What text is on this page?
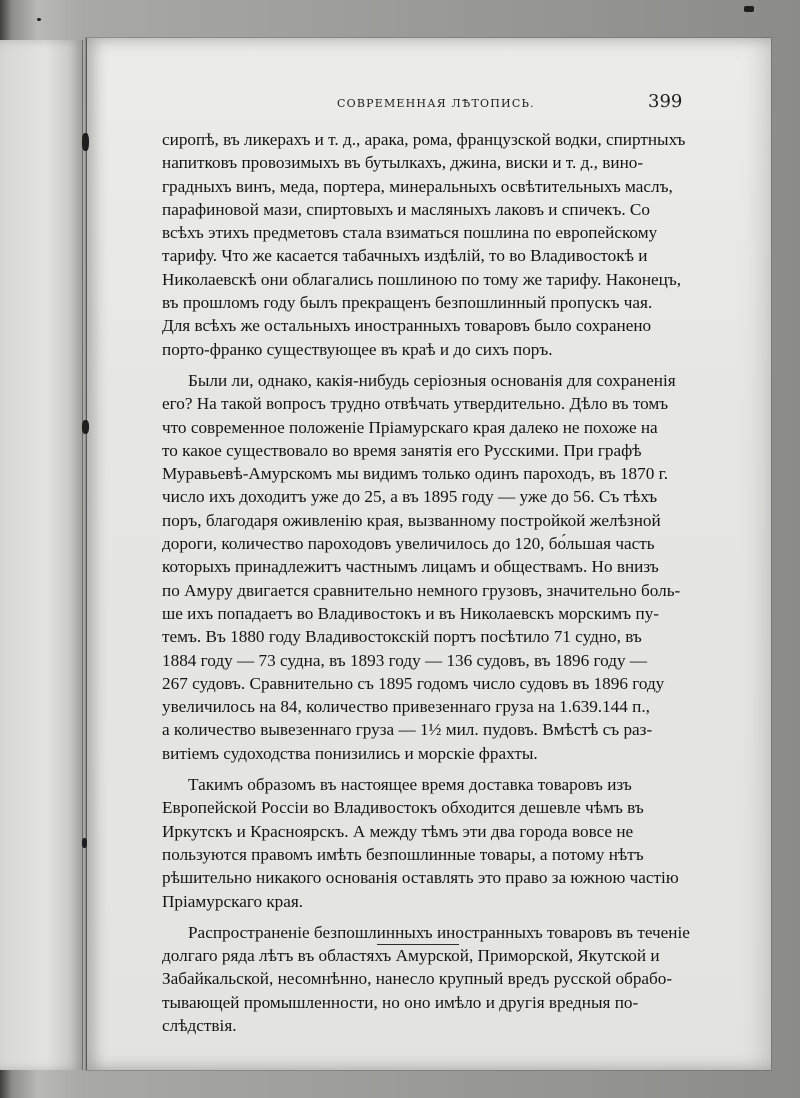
СОВРЕМЕННАЯ ЛѢТОПИСЬ.	399
сиропѣ, въ ликерахъ и т. д., арака, рома, французской водки, спиртныхъ
напитковъ провозимыхъ въ бутылкахъ, джина, виски и т. д., вино-
градныхъ винъ, меда, портера, минеральныхъ освѣтительныхъ маслъ,
парафиновой мази, спиртовыхъ и масляныхъ лаковъ и спичекъ. Со
всѣхъ этихъ предметовъ стала взиматься пошлина по европейскому
тарифу. Что же касается табачныхъ издѣлій, то во Владивостокѣ и
Николаевскѣ они облагались пошлиною по тому же тарифу. Наконецъ,
въ прошломъ году былъ прекращенъ безпошлинный пропускъ чая.
Для всѣхъ же остальныхъ иностранныхъ товаровъ было сохранено
порто-франко существующее въ краѣ и до сихъ поръ.
Были ли, однако, какія-нибудь серіозныя основанія для сохраненія
его? На такой вопросъ трудно отвѣчать утвердительно. Дѣло въ томъ
что современное положеніе Пріамурскаго края далеко не похоже на
то какое существовало во время занятія его Русскими. При графѣ
Муравьевѣ-Амурскомъ мы видимъ только одинъ пароходъ, въ 1870 г.
число ихъ доходитъ уже до 25, а въ 1895 году — уже до 56. Съ тѣхъ
поръ, благодаря оживленію края, вызванному постройкой желѣзной
дороги, количество пароходовъ увеличилось до 120, бо́льшая часть
которыхъ принадлежитъ частнымъ лицамъ и обществамъ. Но внизъ
по Амуру двигается сравнительно немного грузовъ, значительно боль-
ше ихъ попадаетъ во Владивостокъ и въ Николаевскъ морскимъ пу-
темъ. Въ 1880 году Владивостокскій портъ посѣтило 71 судно, въ
1884 году — 73 судна, въ 1893 году — 136 судовъ, въ 1896 году —
267 судовъ. Сравнительно съ 1895 годомъ число судовъ въ 1896 году
увеличилось на 84, количество привезеннаго груза на 1.639.144 п.,
а количество вывезеннаго груза — 1½ мил. пудовъ. Вмѣстѣ съ раз-
витіемъ судоходства понизились и морскіе фрахты.
Такимъ образомъ въ настоящее время доставка товаровъ изъ
Европейской Россіи во Владивостокъ обходится дешевле чѣмъ въ
Иркутскъ и Красноярскъ. А между тѣмъ эти два города вовсе не
пользуются правомъ имѣть безпошлинные товары, а потому нѣтъ
рѣшительно никакого основанія оставлять это право за южною частію
Пріамурскаго края.
Распространеніе безпошлинныхъ иностранныхъ товаровъ въ теченіе
долгаго ряда лѣтъ въ областяхъ Амурской, Приморской, Якутской и
Забайкальской, несомнѣнно, нанесло крупный вредъ русской обрабо-
тывающей промышленности, но оно имѣло и другія вредныя по-
слѣдствія.
